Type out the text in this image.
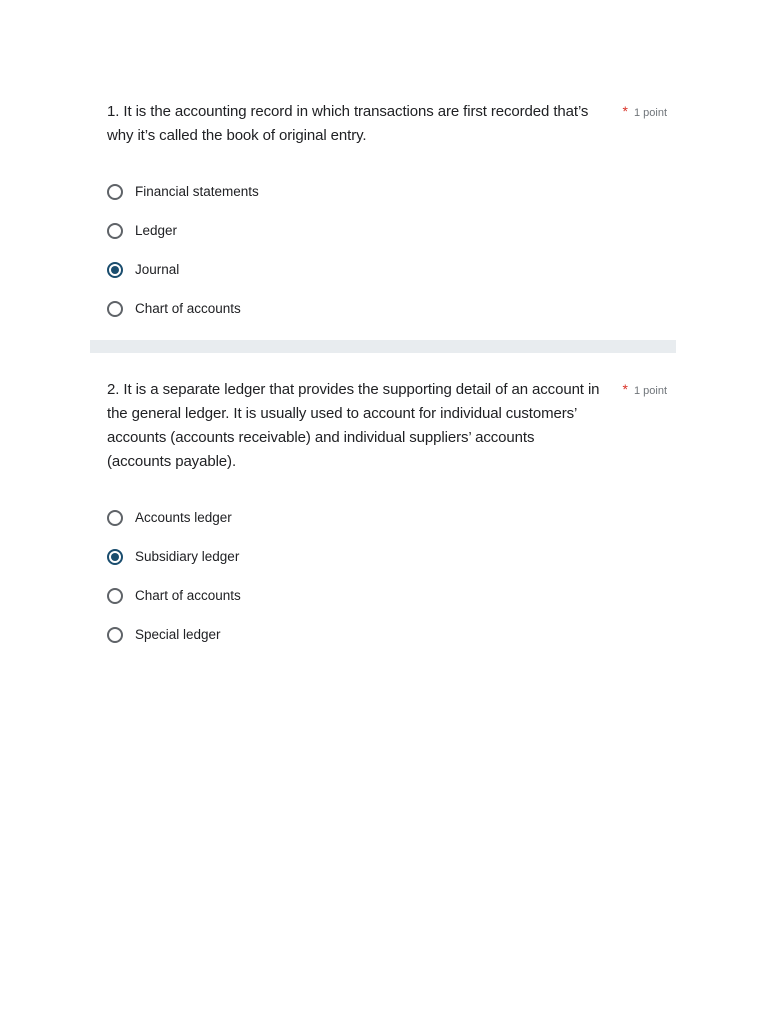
1. It is the accounting record in which transactions are first recorded that’s
why it’s called the book of original entry.
* 1 point
Financial statements
Ledger
Journal
Chart of accounts
2. It is a separate ledger that provides the supporting detail of an account in
the general ledger. It is usually used to account for individual customers’
accounts (accounts receivable) and individual suppliers’ accounts
(accounts payable).
* 1 point
Accounts ledger
Subsidiary ledger
Chart of accounts
Special ledger
